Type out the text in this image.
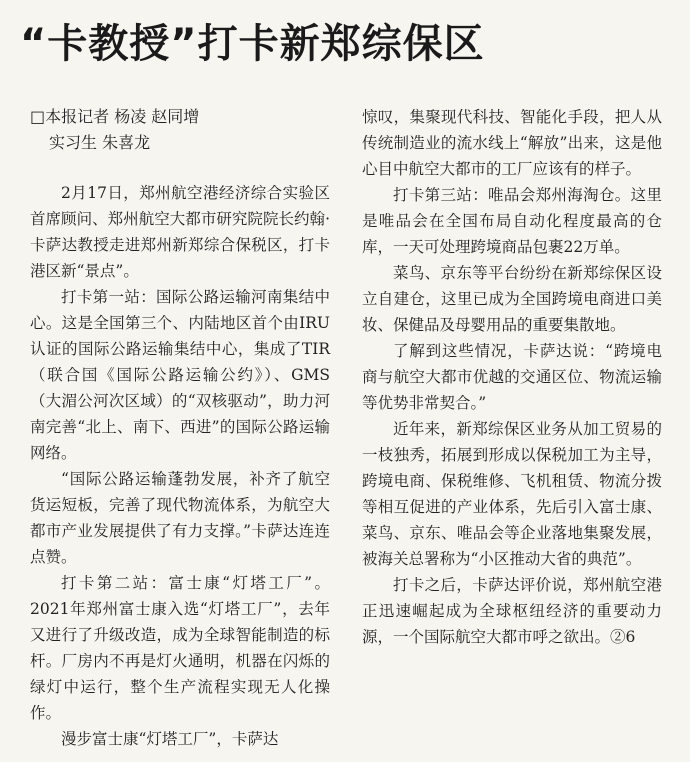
“卡教授”打卡新郑综保区
□本报记者 杨凌 赵同增
实习生 朱喜龙

2月17日，郑州航空港经济综合实验区首席顾问、郑州航空大都市研究院院长约翰·卡萨达教授走进郑州新郑综合保税区，打卡港区新“景点”。

打卡第一站：国际公路运输河南集结中心。这是全国第三个、内陆地区首个由IRU认证的国际公路运输集结中心，集成了TIR（联合国《国际公路运输公约》）、GMS（大湄公河次区域）的“双核驱动”，助力河南完善“北上、南下、西进”的国际公路运输网络。

“国际公路运输蓬勃发展，补齐了航空货运短板，完善了现代物流体系，为航空大都市产业发展提供了有力支撑。”卡萨达连连点赞。

打卡第二站：富士康“灯塔工厂”。2021年郑州富士康入选“灯塔工厂”，去年又进行了升级改造，成为全球智能制造的标杆。厂房内不再是灯火通明，机器在闪烁的绿灯中运行，整个生产流程实现无人化操作。

漫步富士康“灯塔工厂”，卡萨达

惊叹，集聚现代科技、智能化手段，把人从传统制造业的流水线上“解放”出来，这是他心目中航空大都市的工厂应该有的样子。

打卡第三站：唯品会郑州海淘仓。这里是唯品会在全国布局自动化程度最高的仓库，一天可处理跨境商品包裹22万单。

菜鸟、京东等平台纷纷在新郑综保区设立自建仓，这里已成为全国跨境电商进口美妆、保健品及母婴用品的重要集散地。

了解到这些情况，卡萨达说：“跨境电商与航空大都市优越的交通区位、物流运输等优势非常契合。”

近年来，新郑综保区业务从加工贸易的一枝独秀，拓展到形成以保税加工为主导，跨境电商、保税维修、飞机租赁、物流分拨等相互促进的产业体系，先后引入富士康、菜鸟、京东、唯品会等企业落地集聚发展，被海关总署称为“小区推动大省的典范”。

打卡之后，卡萨达评价说，郑州航空港正迅速崛起成为全球枢纽经济的重要动力源，一个国际航空大都市呼之欲出。②6
